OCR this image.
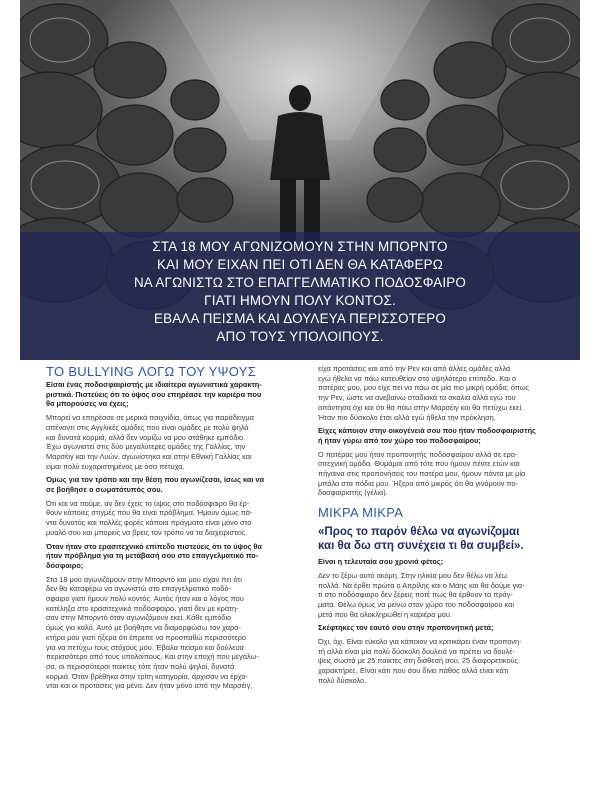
ΣΤΑ 18 ΜΟΥ ΑΓΩΝΙΖΟΜΟΥΝ ΣΤΗΝ ΜΠΟΡΝΤΟ
ΚΑΙ ΜΟΥ ΕΙΧΑΝ ΠΕΙ ΟΤΙ ΔΕΝ ΘΑ ΚΑΤΑΦΕΡΩ
ΝΑ ΑΓΩΝΙΣΤΩ ΣΤΟ ΕΠΑΓΓΕΛΜΑΤΙΚΟ ΠΟΔΟΣΦΑΙΡΟ
ΓΙΑΤΙ ΗΜΟΥΝ ΠΟΛΥ ΚΟΝΤΟΣ.
ΕΒΑΛΑ ΠΕΙΣΜΑ ΚΑΙ ΔΟΥΛΕΥΑ ΠΕΡΙΣΣΟΤΕΡΟ
ΑΠΟ ΤΟΥΣ ΥΠΟΛΟΙΠΟΥΣ.
ΤΟ BULLYING ΛΟΓΩ ΤΟΥ ΥΨΟΥΣ

Είσαι ένας ποδοσφαιριστής με ιδιαίτερα αγωνιστικά χαρακτη-
ριστικά. Πιστεύεις ότι το ύψος σου επηρέασε την καριέρα που
θα μπορούσες να έχεις;

Μπορεί να επηρέασε σε μερικά παιχνίδια, όπως για παράδειγμα
απέναντι στις Αγγλικές ομάδες που είναι ομάδες με πολύ ψηλά
και δυνατά κορμιά, αλλά δεν νομίζω να μου στάθηκε εμπόδιο.
Έχω αγωνιστεί στις δύο μεγαλύτερες ομάδες της Γαλλίας, την
Μαρσέιγ και την Λυών, αγωνίστηκα και στην Εθνική Γαλλίας και
είμαι πολύ ευχαριστημένος με όσα πέτυχα.

Όμως για τον τρόπο και την θέση που αγωνίζεσαι, ίσως και να
σε βοήθησε ο σωματότυπός σου.

Ότι και να πούμε, αν δεν έχεις το ύψος στο ποδόσφαιρο θα έρ-
θουν κάποιες στιγμές που θα είναι πρόβλημα. Ήμουν όμως πά-
ντα δυνατός και πολλές φορές κάποια πράγματα είναι μόνο στο
μυαλό σου και μπορείς να βρεις τον τρόπο να τα διαχειριστείς.

Όταν ήταν στο ερασιτεχνικό επίπεδο πιστεύεις ότι το ύψος θα
ήταν πρόβλημα για τη μετάβασή σου στο επαγγελματικό πο-
δόσφαιρο;

Στα 18 μου αγωνιζόμουν στην Μπορντό και μου είχαν πει ότι
δεν θα καταφέρω να αγωνιστώ στο επαγγελματικό ποδό-
σφαιρο γιατί ήμουν πολύ κοντός. Αυτός ήταν και ο λόγος που
κατέληξα στο ερασιτεχνικό ποδόσφαιρο, γιατί δεν με κράτη-
σαν στην Μπορντό όταν αγωνιζόμουν εκεί. Κάθε εμπόδιο
όμως για καλό. Αυτό με βοήθησε να διαμορφώσω τον χαρα-
κτήρα μου γιατί ήξερα ότι έπρεπε να προσπαθώ περισσότερο
για να πετύχω τους στόχους μου. Έβαλα πείσμα και δούλευα
περισσότερο από τους υπολοίπους. Και στην εποχή που μεγάλω-
σα, οι περισσότεροι παίκτες τότε ήταν πολύ ψηλοί, δυνατά
κορμιά. Όταν βρέθηκα στην τρίτη κατηγορία, άρχισαν να έρχο-
νται και οι προτάσεις για μένα. Δεν ήταν μόνο από την Μαρσέιγ,

είχα προτάσεις και από την Ρεν και από άλλες ομάδες αλλά
εγώ ήθελα να πάω κατευθείαν στο υψηλότερο επίπεδο. Και ο
πατέρας μου, μου είχε πει να πάω σε μία πιο μικρή ομάδα, όπως
την Ρεν, ώστε να ανεβαίνω σταδιακά τα σκαλιά αλλά εγώ του
απάντησα όχι και ότι θα πάω στην Μαρσέιγ και θα πετύχω εκεί.
Ήταν πιο δύσκολο έτσι αλλά εγώ ήθελα την πρόκληση.

Είχες κάποιον στην οικογένειά σου που ήταν ποδοσφαιριστής
ή ήταν γύρω από τον χώρο του ποδοσφαίρου;

Ο πατέρας μου ήταν προπονητής ποδοσφαίρου αλλά σε ερα-
σιτεχνική ομάδα. Θυμάμαι από τότε που ήμουν πέντε ετών και
πήγαινα στις προπονήσεις του πατέρα μου, ήμουν πάντα με μία
μπάλα στα πόδια μου. Ήξερα από μικρός ότι θα γινόμουν πο-
δοσφαιριστής (γέλια).

ΜΙΚΡΑ ΜΙΚΡΑ
«Προς το παρόν θέλω να αγωνίζομαι
και θα δω στη συνέχεια τι θα συμβεί».

Είναι η τελευταία σου χρονιά φέτος;

Δεν το ξέρω αυτό ακόμη. Στην ηλικία μου δεν θέλω να λέω
πολλά. Να έρθει πρώτα ο Απρίλης και ο Μάης και θα δούμε για-
τί στο ποδόσφαιρο δεν ξέρεις ποτέ πως θα έρθουν τα πράγ-
ματα. Θέλω όμως να μείνω στον χώρο του ποδοσφαίρου και
μετά που θα ολοκληρωθεί η καριέρα μου.

Σκέφτηκες τον εαυτό σου στην προπονητική μετά;

Όχι, όχι. Είναι εύκολο για κάποιον να κριτικάρει έναν προπονη-
τή αλλά είναι μία πολύ δύσκολη δουλειά να πρέπει να δουλέ-
ψεις σωστά με 25 παίκτες στη διάθεσή σου, 25 διαφορετικούς
χαρακτήρες. Είναι κάτι που σου δίνει πάθος αλλά είναι κάτι
πολύ δύσκολο.
